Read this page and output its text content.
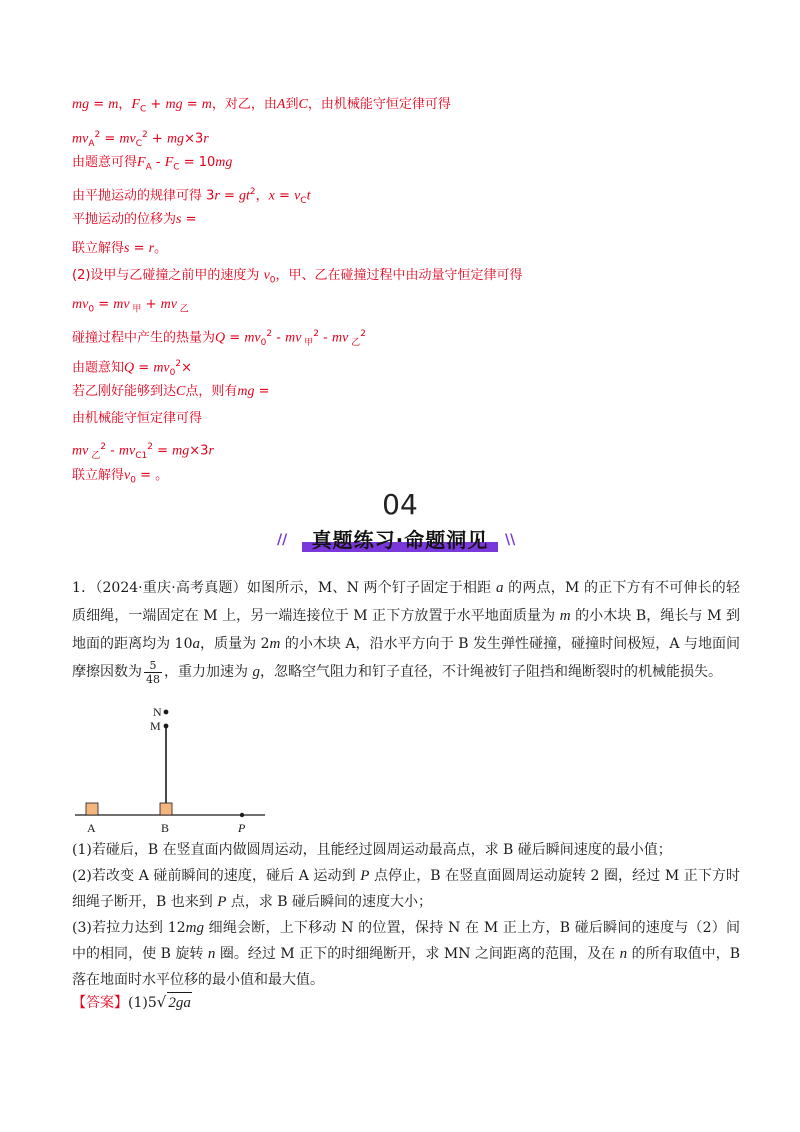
mg = m，$F_C$ + mg = m，对乙，由A到C，由机械能守恒定律可得
$mv_A^2 = mv_C^2 + mg\times 3r$
由题意可得$F_A - F_C = 10mg$
由平抛运动的规律可得 $3r = gt^2$，$x = v_Ct$
平抛运动的位移为s =
联立解得s = r。
(2)设甲与乙碰撞之前甲的速度为 $v_0$，甲、乙在碰撞过程中由动量守恒定律可得
$mv_0$ = mv $_甲$ + mv $_乙$
碰撞过程中产生的热量为$Q = mv_0^2$ - mv $_甲^2$ - mv $_乙^2$
由题意知$Q = mv_0^2\times$
若乙刚好能够到达C点，则有mg =
由机械能守恒定律可得
mv $_乙^2 - mv_{C1}^2 = mg\times 3r$
联立解得$v_0$ = 。
04
//	真题练习·命题洞见	\\
1．（2024·重庆·高考真题）如图所示，M、N 两个钉子固定于相距 a 的两点，M 的正下方有不可伸长的轻质细绳，一端固定在 M 上，另一端连接位于 M 正下方放置于水平地面质量为 m 的小木块 B，绳长与 M 到地面的距离均为 10a，质量为 2m 的小木块 A，沿水平方向于 B 发生弹性碰撞，碰撞时间极短，A 与地面间摩擦因数为 $\frac{5}{48}$ ，重力加速为 g，忽略空气阻力和钉子直径，不计绳被钉子阻挡和绳断裂时的机械能损失。
N
M
A	B	P
(1)若碰后，B 在竖直面内做圆周运动，且能经过圆周运动最高点，求 B 碰后瞬间速度的最小值；
(2)若改变 A 碰前瞬间的速度，碰后 A 运动到 P 点停止，B 在竖直面圆周运动旋转 2 圈，经过 M 正下方时细绳子断开，B 也来到 P 点，求 B 碰后瞬间的速度大小；
(3)若拉力达到 12mg 细绳会断，上下移动 N 的位置，保持 N 在 M 正上方，B 碰后瞬间的速度与（2）间中的相同，使 B 旋转 n 圈。经过 M 正下的时细绳断开，求 MN 之间距离的范围，及在 n 的所有取值中，B 落在地面时水平位移的最小值和最大值。
【答案】(1)5√ 2ga
